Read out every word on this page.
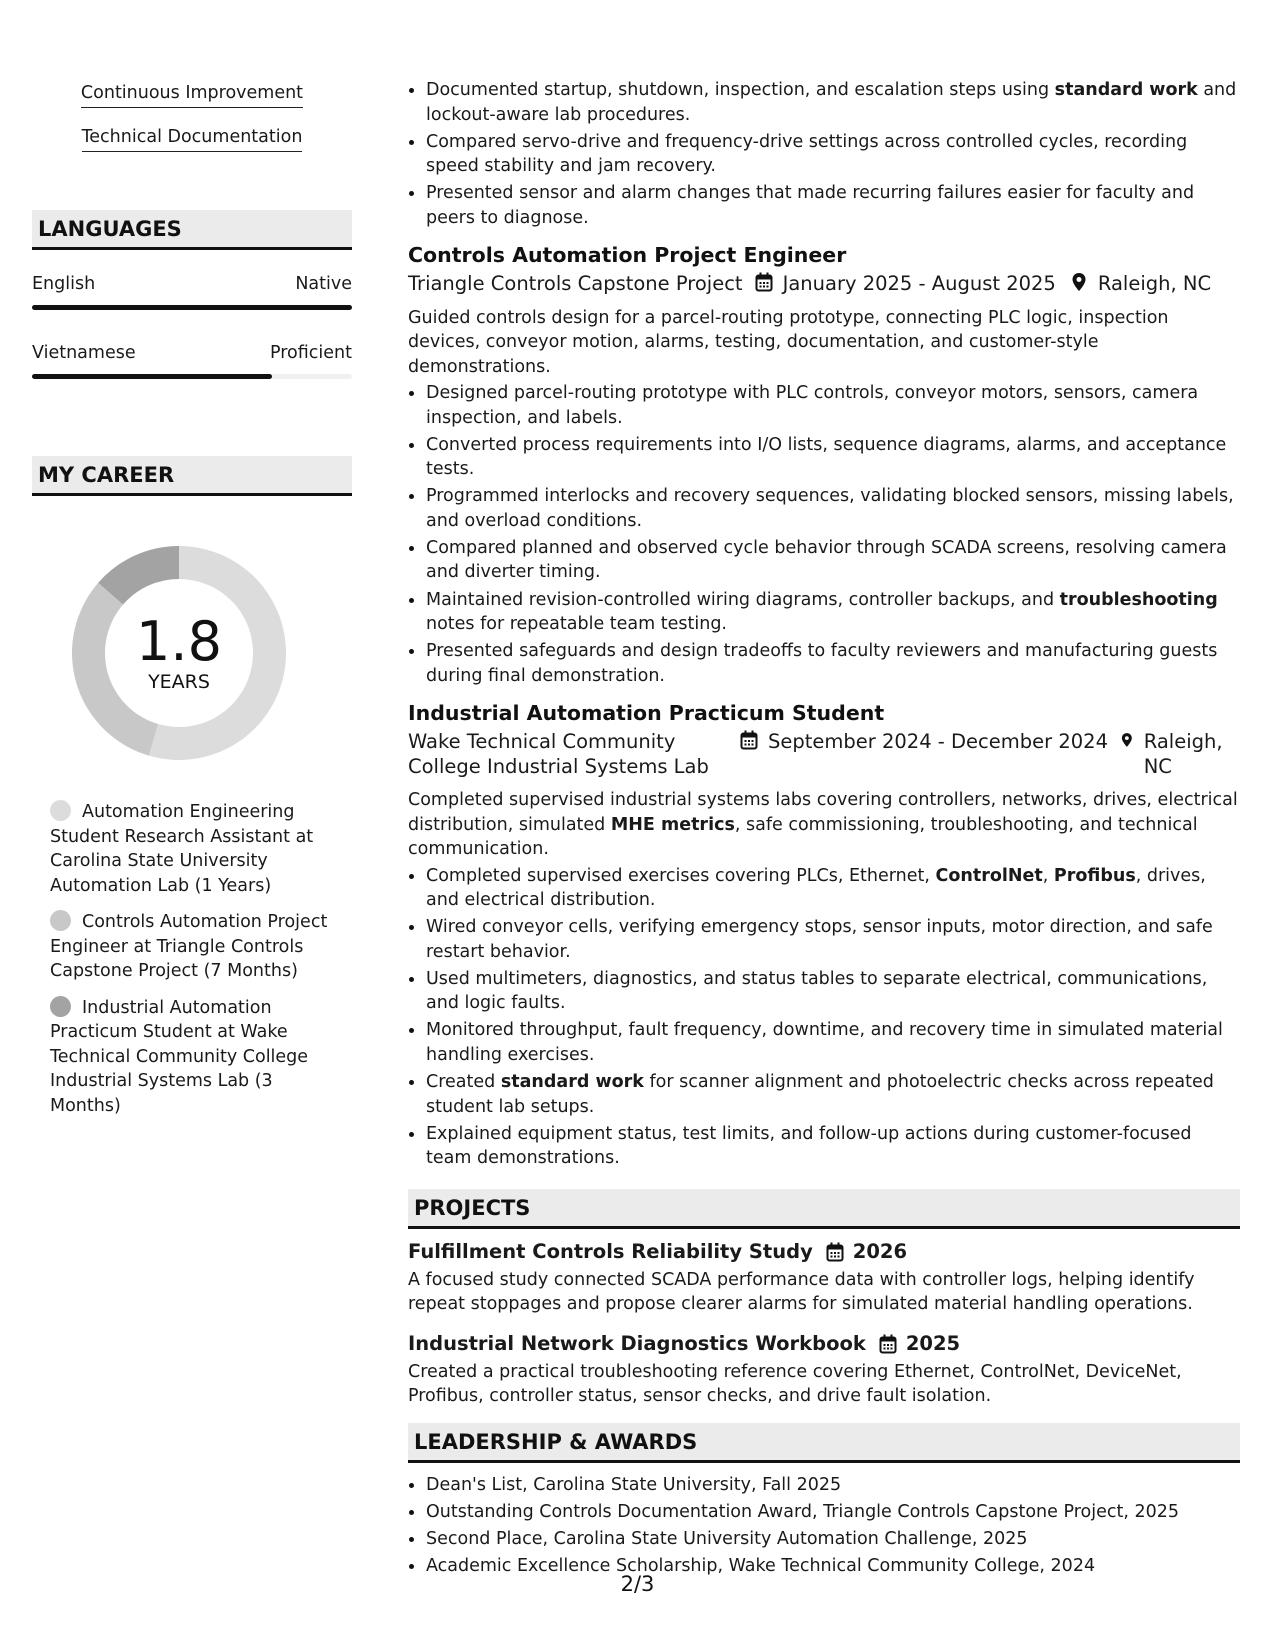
Continuous Improvement
Technical Documentation
LANGUAGES
English	Native
Vietnamese	Proficient
MY CAREER
1.8
YEARS
Automation Engineering Student Research Assistant at Carolina State University Automation Lab (1 Years)
Controls Automation Project Engineer at Triangle Controls Capstone Project (7 Months)
Industrial Automation Practicum Student at Wake Technical Community College Industrial Systems Lab (3 Months)
Documented startup, shutdown, inspection, and escalation steps using standard work and lockout-aware lab procedures.
Compared servo-drive and frequency-drive settings across controlled cycles, recording speed stability and jam recovery.
Presented sensor and alarm changes that made recurring failures easier for faculty and peers to diagnose.
Controls Automation Project Engineer
Triangle Controls Capstone Project January 2025 - August 2025 Raleigh, NC
Guided controls design for a parcel-routing prototype, connecting PLC logic, inspection devices, conveyor motion, alarms, testing, documentation, and customer-style demonstrations.
Designed parcel-routing prototype with PLC controls, conveyor motors, sensors, camera inspection, and labels.
Converted process requirements into I/O lists, sequence diagrams, alarms, and acceptance tests.
Programmed interlocks and recovery sequences, validating blocked sensors, missing labels, and overload conditions.
Compared planned and observed cycle behavior through SCADA screens, resolving camera and diverter timing.
Maintained revision-controlled wiring diagrams, controller backups, and troubleshooting notes for repeatable team testing.
Presented safeguards and design tradeoffs to faculty reviewers and manufacturing guests during final demonstration.
Industrial Automation Practicum Student
Wake Technical Community College Industrial Systems Lab
September 2024 - December 2024 Raleigh, NC
Completed supervised industrial systems labs covering controllers, networks, drives, electrical distribution, simulated MHE metrics, safe commissioning, troubleshooting, and technical communication.
Completed supervised exercises covering PLCs, Ethernet, ControlNet, Profibus, drives, and electrical distribution.
Wired conveyor cells, verifying emergency stops, sensor inputs, motor direction, and safe restart behavior.
Used multimeters, diagnostics, and status tables to separate electrical, communications, and logic faults.
Monitored throughput, fault frequency, downtime, and recovery time in simulated material handling exercises.
Created standard work for scanner alignment and photoelectric checks across repeated student lab setups.
Explained equipment status, test limits, and follow-up actions during customer-focused team demonstrations.
PROJECTS
Fulfillment Controls Reliability Study 2026
A focused study connected SCADA performance data with controller logs, helping identify repeat stoppages and propose clearer alarms for simulated material handling operations.
Industrial Network Diagnostics Workbook 2025
Created a practical troubleshooting reference covering Ethernet, ControlNet, DeviceNet, Profibus, controller status, sensor checks, and drive fault isolation.
LEADERSHIP & AWARDS
Dean's List, Carolina State University, Fall 2025
Outstanding Controls Documentation Award, Triangle Controls Capstone Project, 2025
Second Place, Carolina State University Automation Challenge, 2025
Academic Excellence Scholarship, Wake Technical Community College, 2024
2/3
